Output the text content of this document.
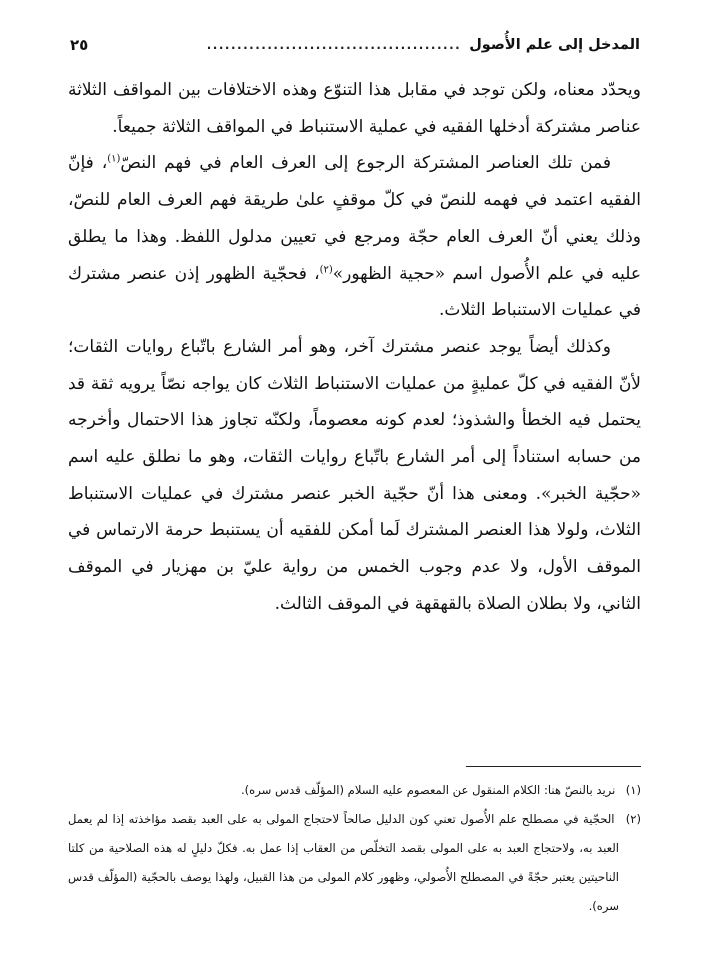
المدخل إلى علم الأُصول
..........................................
٢٥

ويحدّد معناه، ولكن توجد في مقابل هذا التنوّع وهذه الاختلافات بين المواقف الثلاثة عناصر مشتركة أدخلها الفقيه في عملية الاستنباط في المواقف الثلاثة جميعاً.

فمن تلك العناصر المشتركة الرجوع إلى العرف العام في فهم النصّ$^{(١)}$، فإنّ الفقيه اعتمد في فهمه للنصّ في كلّ موقفٍ علىٰ طريقة فهم العرف العام للنصّ، وذلك يعني أنّ العرف العام حجّة ومرجع في تعيين مدلول اللفظ. وهذا ما يطلق عليه في علم الأُصول اسم «حجية الظهور»$^{(٢)}$، فحجّية الظهور إذن عنصر مشترك في عمليات الاستنباط الثلاث.

وكذلك أيضاً يوجد عنصر مشترك آخر، وهو أمر الشارع باتّباع روايات الثقات؛ لأنّ الفقيه في كلّ عمليةٍ من عمليات الاستنباط الثلاث كان يواجه نصّاً يرويه ثقة قد يحتمل فيه الخطأ والشذوذ؛ لعدم كونه معصوماً، ولكنّه تجاوز هذا الاحتمال وأخرجه من حسابه استناداً إلى أمر الشارع باتّباع روايات الثقات، وهو ما نطلق عليه اسم «حجّية الخبر». ومعنى هذا أنّ حجّية الخبر عنصر مشترك في عمليات الاستنباط الثلاث، ولولا هذا العنصر المشترك لَما أمكن للفقيه أن يستنبط حرمة الارتماس في الموقف الأول، ولا عدم وجوب الخمس من رواية عليّ بن مهزيار في الموقف الثاني، ولا بطلان الصلاة بالقهقهة في الموقف الثالث.

(١) نريد بالنصّ هنا: الكلام المنقول عن المعصوم عليه السلام (المؤلّف قدس سره).

(٢) الحجّية في مصطلح علم الأُصول تعني كون الدليل صالحاً لاحتجاج المولى به على العبد بقصد مؤاخذته إذا لم يعمل العبد به، ولاحتجاج العبد به على المولى بقصد التخلّص من العقاب إذا عمل به. فكلّ دليلٍ له هذه الصلاحية من كلتا الناحيتين يعتبر حجّةً في المصطلح الأُصولي، وظهور كلام المولى من هذا القبيل، ولهذا يوصف بالحجّية (المؤلّف قدس سره).
